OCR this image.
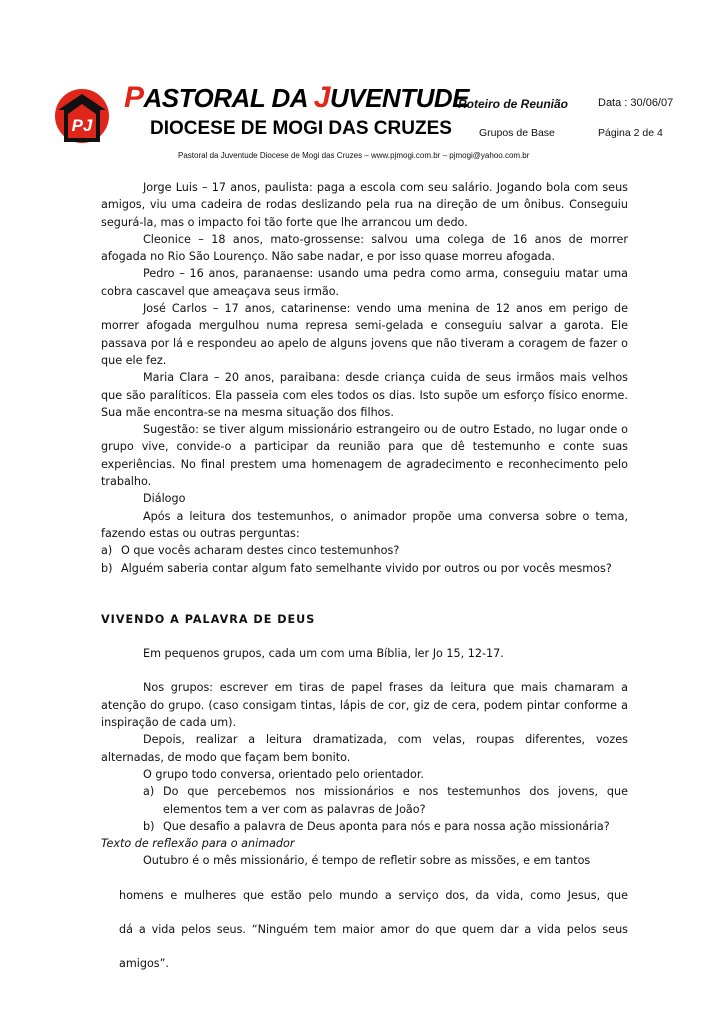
PJ
PASTORAL DA JUVENTUDE
DIOCESE DE MOGI DAS CRUZES
Roteiro de Reunião	Data : 30/06/07
Grupos de Base	Página 2 de 4
Pastoral da Juventude Diocese de Mogi das Cruzes – www.pjmogi.com.br – pjmogi@yahoo.com.br

Jorge Luis – 17 anos, paulista: paga a escola com seu salário. Jogando bola com seus amigos, viu uma cadeira de rodas deslizando pela rua na direção de um ônibus. Conseguiu segurá-la, mas o impacto foi tão forte que lhe arrancou um dedo.

Cleonice – 18 anos, mato-grossense: salvou uma colega de 16 anos de morrer afogada no Rio São Lourenço. Não sabe nadar, e por isso quase morreu afogada.

Pedro – 16 anos, paranaense: usando uma pedra como arma, conseguiu matar uma cobra cascavel que ameaçava seus irmão.

José Carlos – 17 anos, catarinense: vendo uma menina de 12 anos em perigo de morrer afogada mergulhou numa represa semi-gelada e conseguiu salvar a garota. Ele passava por lá e respondeu ao apelo de alguns jovens que não tiveram a coragem de fazer o que ele fez.

Maria Clara – 20 anos, paraibana: desde criança cuida de seus irmãos mais velhos que são paralíticos. Ela passeia com eles todos os dias. Isto supõe um esforço físico enorme. Sua mãe encontra-se na mesma situação dos filhos.

Sugestão: se tiver algum missionário estrangeiro ou de outro Estado, no lugar onde o grupo vive, convide-o a participar da reunião para que dê testemunho e conte suas experiências. No final prestem uma homenagem de agradecimento e reconhecimento pelo trabalho.

Diálogo

Após a leitura dos testemunhos, o animador propõe uma conversa sobre o tema, fazendo estas ou outras perguntas:

a) O que vocês acharam destes cinco testemunhos?
b) Alguém saberia contar algum fato semelhante vivido por outros ou por vocês mesmos?

VIVENDO A PALAVRA DE DEUS

Em pequenos grupos, cada um com uma Bíblia, ler Jo 15, 12-17.

Nos grupos: escrever em tiras de papel frases da leitura que mais chamaram a atenção do grupo. (caso consigam tintas, lápis de cor, giz de cera, podem pintar conforme a inspiração de cada um).

Depois, realizar a leitura dramatizada, com velas, roupas diferentes, vozes alternadas, de modo que façam bem bonito.

O grupo todo conversa, orientado pelo orientador.

a) Do que percebemos nos missionários e nos testemunhos dos jovens, que elementos tem a ver com as palavras de João?
b) Que desafio a palavra de Deus aponta para nós e para nossa ação missionária?

Texto de reflexão para o animador

Outubro é o mês missionário, é tempo de refletir sobre as missões, e em tantos

homens e mulheres que estão pelo mundo a serviço dos, da vida, como Jesus, que

dá a vida pelos seus. “Ninguém tem maior amor do que quem dar a vida pelos seus

amigos”.
